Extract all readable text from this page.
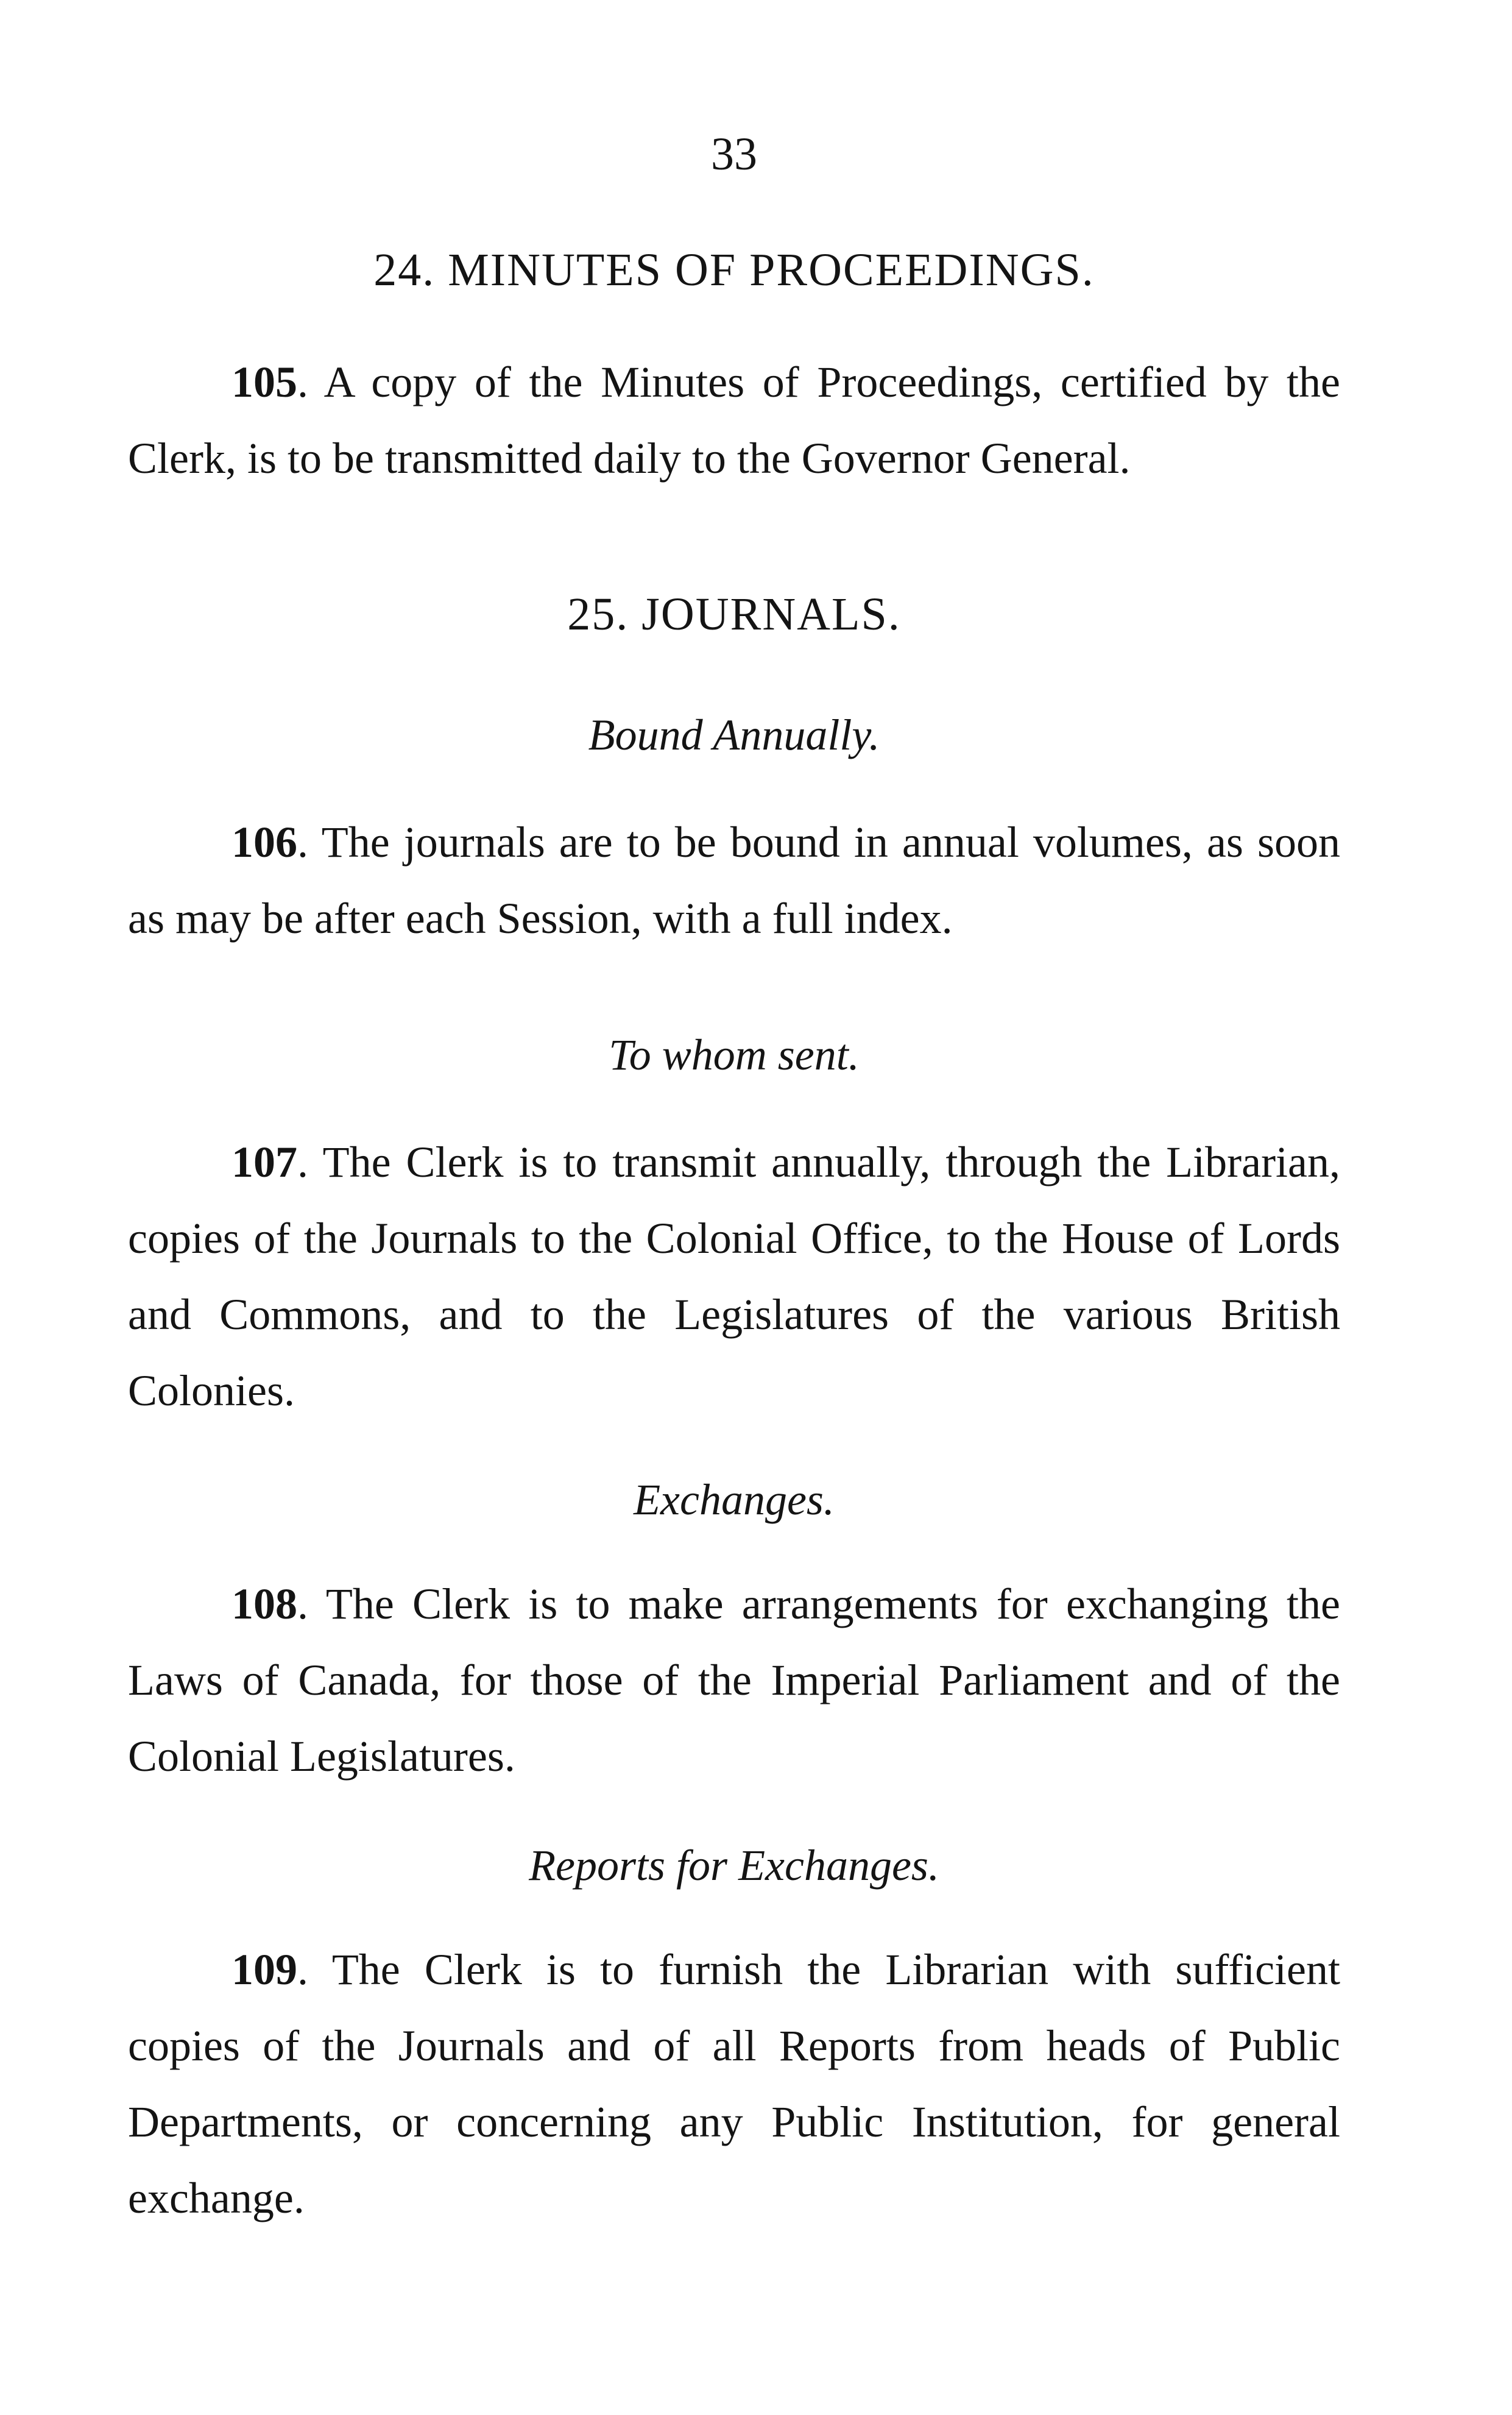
33
24. MINUTES OF PROCEEDINGS.

105. A copy of the Minutes of Proceedings, certified by the Clerk, is to be transmitted daily to the Governor General.

25. JOURNALS.
Bound Annually.

106. The journals are to be bound in annual volumes, as soon as may be after each Session, with a full index.

To whom sent.

107. The Clerk is to transmit annually, through the Librarian, copies of the Journals to the Colonial Office, to the House of Lords and Commons, and to the Legislatures of the various British Colonies.

Exchanges.

108. The Clerk is to make arrangements for exchanging the Laws of Canada, for those of the Imperial Parliament and of the Colonial Legislatures.

Reports for Exchanges.

109. The Clerk is to furnish the Librarian with sufficient copies of the Journals and of all Reports from heads of Public Departments, or concerning any Public Institution, for general exchange.
